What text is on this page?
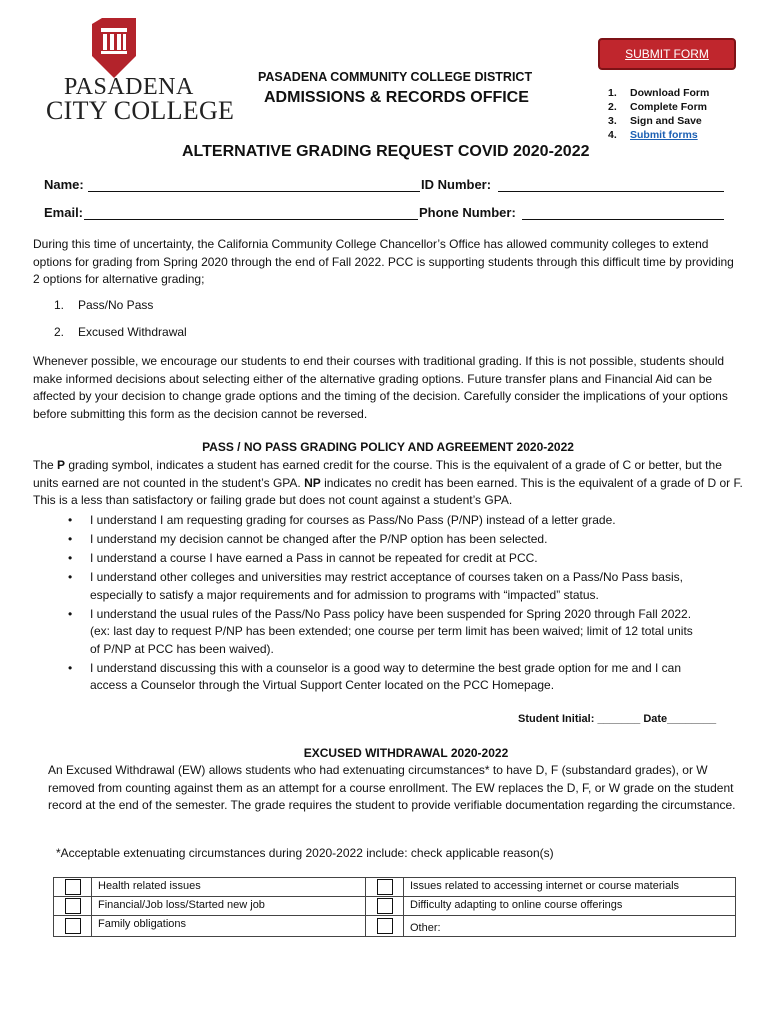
PASADENA
CITY COLLEGE
PASADENA COMMUNITY COLLEGE DISTRICT
ADMISSIONS & RECORDS OFFICE
SUBMIT FORM
1. Download Form
2. Complete Form
3. Sign and Save
4. Submit forms
ALTERNATIVE GRADING REQUEST COVID 2020-2022
Name:	ID Number:
Email:	Phone Number:

During this time of uncertainty, the California Community College Chancellor’s Office has allowed community colleges to extend options for grading from Spring 2020 through the end of Fall 2022. PCC is supporting students through this difficult time by providing 2 options for alternative grading;

1. Pass/No Pass
2. Excused Withdrawal

Whenever possible, we encourage our students to end their courses with traditional grading. If this is not possible, students should make informed decisions about selecting either of the alternative grading options. Future transfer plans and Financial Aid can be affected by your decision to change grade options and the timing of the decision. Carefully consider the implications of your options before submitting this form as the decision cannot be reversed.

PASS / NO PASS GRADING POLICY AND AGREEMENT 2020-2022

The P grading symbol, indicates a student has earned credit for the course. This is the equivalent of a grade of C or better, but the units earned are not counted in the student’s GPA. NP indicates no credit has been earned. This is the equivalent of a grade of D or F. This is a less than satisfactory or failing grade but does not count against a student’s GPA.

• I understand I am requesting grading for courses as Pass/No Pass (P/NP) instead of a letter grade.
• I understand my decision cannot be changed after the P/NP option has been selected.
• I understand a course I have earned a Pass in cannot be repeated for credit at PCC.
• I understand other colleges and universities may restrict acceptance of courses taken on a Pass/No Pass basis, especially to satisfy a major requirements and for admission to programs with “impacted” status.
• I understand the usual rules of the Pass/No Pass policy have been suspended for Spring 2020 through Fall 2022. (ex: last day to request P/NP has been extended; one course per term limit has been waived; limit of 12 total units of P/NP at PCC has been waived).
• I understand discussing this with a counselor is a good way to determine the best grade option for me and I can access a Counselor through the Virtual Support Center located on the PCC Homepage.
Student Initial: _______ Date________
EXCUSED WITHDRAWAL 2020-2022

An Excused Withdrawal (EW) allows students who had extenuating circumstances* to have D, F (substandard grades), or W removed from counting against them as an attempt for a course enrollment. The EW replaces the D, F, or W grade on the student record at the end of the semester. The grade requires the student to provide verifiable documentation regarding the circumstance.

*Acceptable extenuating circumstances during 2020-2022 include: check applicable reason(s)

	Health related issues		Issues related to accessing internet or course materials
	Financial/Job loss/Started new job		Difficulty adapting to online course offerings
	Family obligations		Other:
